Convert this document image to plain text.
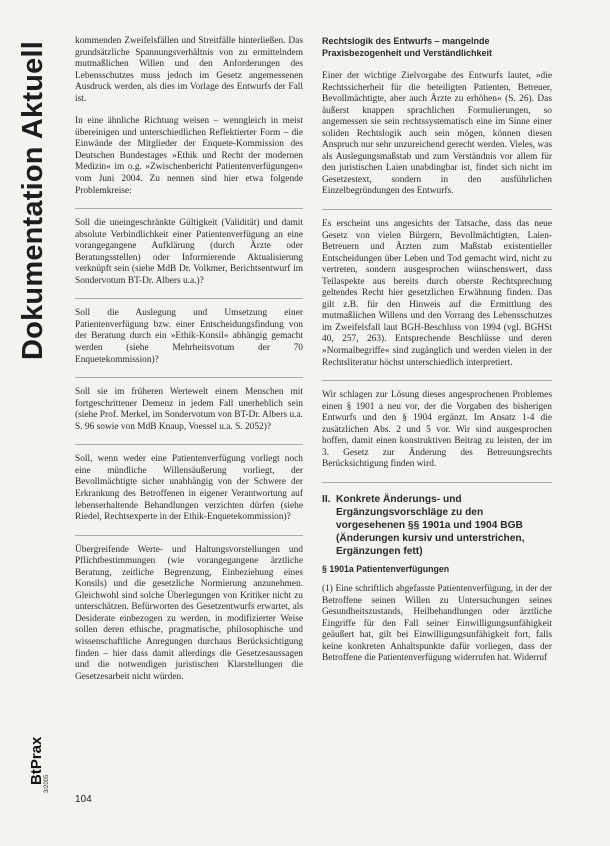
Dokumentation Aktuell	kommenden Zweifelsfällen und Streitfälle hinterließen. Das grundsätzliche Spannungsverhältnis von zu ermittelndem mutmaßlichen Willen und den Anforderungen des Lebensschutzes muss jedoch im Gesetz angemessenen Ausdruck werden, als dies im Vorlage des Entwurfs der Fall ist.

In eine ähnliche Richtung weisen – wenngleich in meist übereinigen und unterschiedlichen Reflektierter Form – die Einwände der Mitglieder der Enquete-Kommission des Deutschen Bundestages »Ethik und Recht der modernen Medizin« im o.g. »Zwischenbericht Patientenverfügungen« vom Juni 2004. Zu nennen sind hier etwa folgende Problemkreise:

Soll die uneingeschränkte Gültigkeit (Validität) und damit absolute Verbindlichkeit einer Patientenverfügung an eine vorangegangene Aufklärung (durch Ärzte oder Beratungsstellen) oder Informierende Aktualisierung verknüpft sein (siehe MdB Dr. Volkmer, Berichtsentwurf im Sondervotum BT-Dr. Albers u.a.)?

Soll die Auslegung und Umsetzung einer Patientenverfügung bzw. einer Entscheidungsfindung von der Beratung durch ein »Ethik-Konsil« abhängig gemacht werden (siehe Mehrheitsvotum der 70 Enquetekommission)?

Soll sie im früheren Wertewelt einem Menschen mit fortgeschrittener Demenz in jedem Fall unerheblich sein (siehe Prof. Merkel, im Sondervotum von BT-Dr. Albers u.a. S. 96 sowie von MdB Knaup, Voessel u.a. S. 2052)?

Soll, wenn weder eine Patientenverfügung vorliegt noch eine mündliche Willensäußerung vorliegt, der Bevollmächtigte sicher unabhängig von der Schwere der Erkrankung des Betroffenen in eigener Verantwortung auf lebenserhaltende Behandlungen verzichten dürfen (siehe Riedel, Rechtsexperte in der Ethik-Enquetekommission)?

Übergreifende Werte- und Haltungsvorstellungen und Pflichtbestimmungen (wie vorangegangene ärztliche Beratung, zeitliche Begrenzung, Einbeziehung eines Konsils) und die gesetzliche Normierung anzunehmen. Gleichwohl sind solche Überlegungen von Kritiker nicht zu unterschätzen. Befürworten des Gesetzentwurfs erwartet, als Desiderate einbezogen zu werden, in modifizierter Weise sollen deren ethische, pragmatische, philosophische und wissenschaftliche Anregungen durchaus Berücksichtigung finden – hier dass damit allerdings die Gesetzesaussagen und die notwendigen juristischen Klarstellungen die Gesetzesarbeit nicht würden.

Rechtslogik des Entwurfs – mangelnde Praxisbezogenheit und Verständlichkeit

Einer der wichtige Zielvorgabe des Entwurfs lautet, »die Rechtssicherheit für die beteiligten Patienten, Betreuer, Bevollmächtigte, aber auch Ärzte zu erhöhen« (S. 26). Das äußerst knappen sprachlichen Formulierungen, so angemessen sie sein rechtssystematisch eine im Sinne einer soliden Rechtslogik auch sein mögen, können diesen Anspruch nur sehr unzureichend gerecht werden. Vieles, was als Auslegungsmaßstab und zum Verständnis vor allem für den juristischen Laien unabdingbar ist, findet sich nicht im Gesetzestext, sondern in den ausführlichen Einzelbegründungen des Entwurfs.

Es erscheint uns angesichts der Tatsache, dass das neue Gesetz von vielen Bürgern, Bevollmächtigten, Laien-Betreuern und Ärzten zum Maßstab existentieller Entscheidungen über Leben und Tod gemacht wird, nicht zu vertreten, sondern ausgesprochen wünschenswert, dass Teilaspekte aus bereits durch oberste Rechtsprechung geltendes Recht hier gesetzlichen Erwähnung finden. Das gilt z.B. für den Hinweis auf die Ermittlung des mutmaßlichen Willens und den Vorrang des Lebensschutzes im Zweifelsfall laut BGH-Beschluss von 1994 (vgl. BGHSt 40, 257, 263). Entsprechende Beschlüsse und deren »Normalbegriffe« sind zugänglich und werden vielen in der Rechtsliteratur höchst unterschiedlich interpretiert.

Wir schlagen zur Lösung dieses angesprochenen Problemes einen § 1901 a neu vor, der die Vorgaben des bisherigen Entwurfs und den § 1904 ergänzt. Im Ansatz 1-4 die zusätzlichen Abs. 2 und 5 vor. Wir sind ausgesprochen hoffen, damit einen konstruktiven Beitrag zu leisten, der im 3. Gesetz zur Änderung des Betreuungsrechts Berücksichtigung finden wird.

II. Konkrete Änderungs- und Ergänzungsvorschläge zu den vorgesehenen §§ 1901a und 1904 BGB (Änderungen kursiv und unterstrichen, Ergänzungen fett)
§ 1901a Patientenverfügungen

(1) Eine schriftlich abgefasste Patientenverfügung, in der der Betroffene seinen Willen zu Untersuchungen seines Gesundheitszustands, Heilbehandlungen oder ärztliche Eingriffe für den Fall seiner Einwilligungsunfähigkeit geäußert hat, gilt bei Einwilligungsunfähigkeit fort, falls keine konkreten Anhaltspunkte dafür vorliegen, dass der Betroffene die Patientenverfügung widerrufen hat. Widerruf

BtPrax 3/2005
104
